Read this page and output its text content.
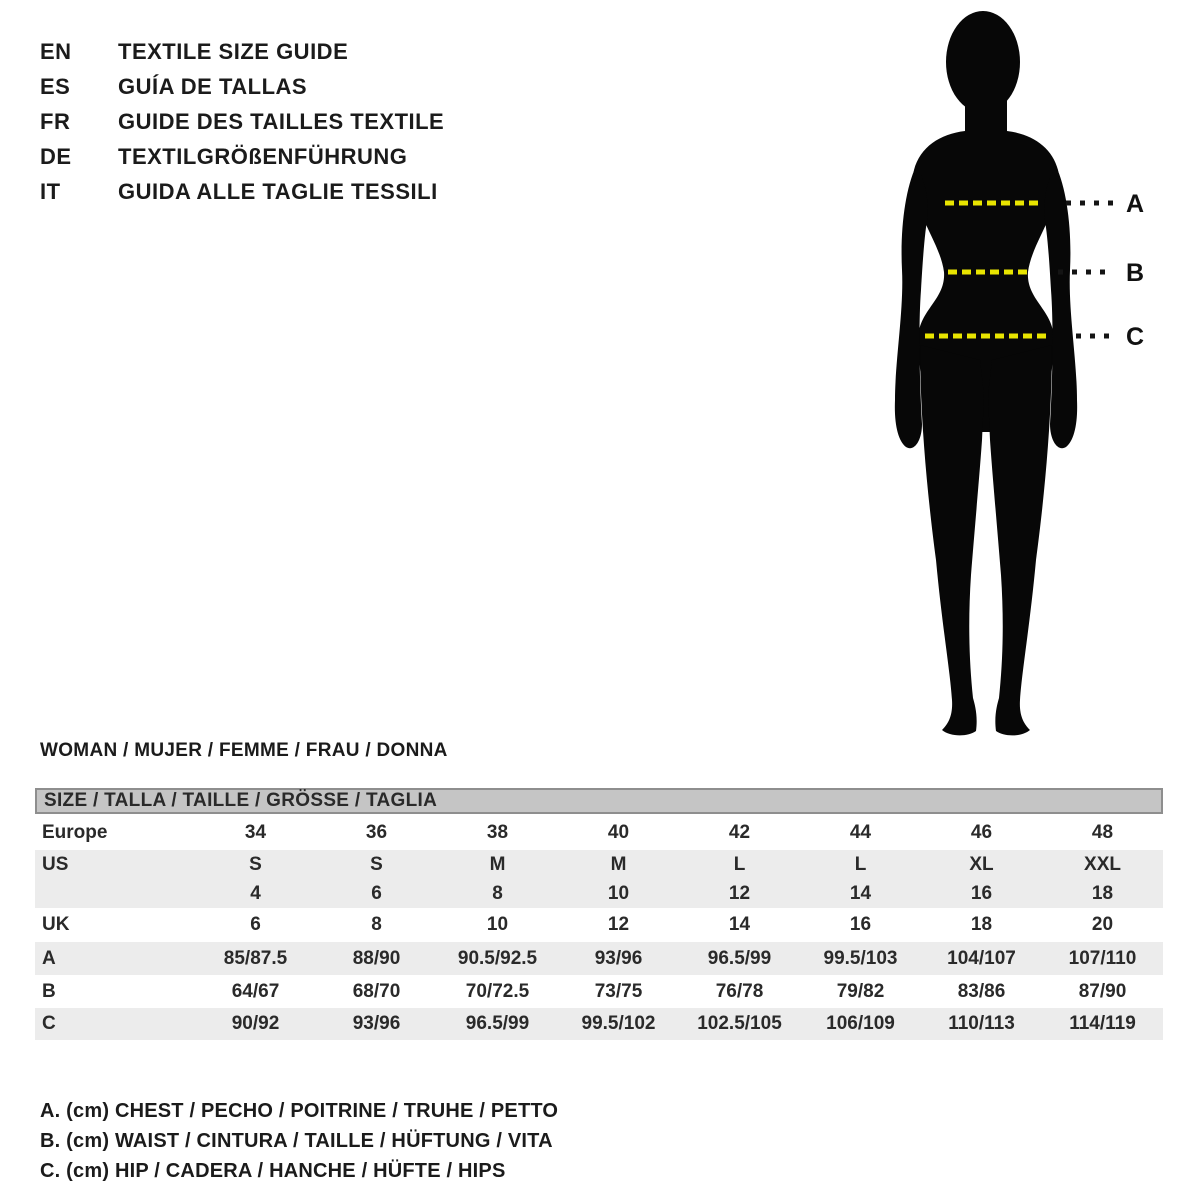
EN	TEXTILE SIZE GUIDE
ES	GUÍA DE TALLAS
FR	GUIDE DES TAILLES TEXTILE
DE	TEXTILGRÖßENFÜHRUNG
IT	GUIDA ALLE TAGLIE TESSILI	A
B
C
WOMAN / MUJER / FEMME / FRAU / DONNA
SIZE / TALLA / TAILLE / GRÖSSE / TAGLIA
Europe	34	36	38	40	42	44	46	48
US	S	S	M	M	L	L	XL	XXL
4	6	8	10	12	14	16	18
UK	6	8	10	12	14	16	18	20
A	85/87.5	88/90	90.5/92.5	93/96	96.5/99	99.5/103	104/107	107/110
B	64/67	68/70	70/72.5	73/75	76/78	79/82	83/86	87/90
C	90/92	93/96	96.5/99	99.5/102	102.5/105	106/109	110/113	114/119
A. (cm) CHEST / PECHO / POITRINE / TRUHE / PETTO
B. (cm) WAIST / CINTURA / TAILLE / HÜFTUNG / VITA
C. (cm) HIP / CADERA / HANCHE / HÜFTE / HIPS
